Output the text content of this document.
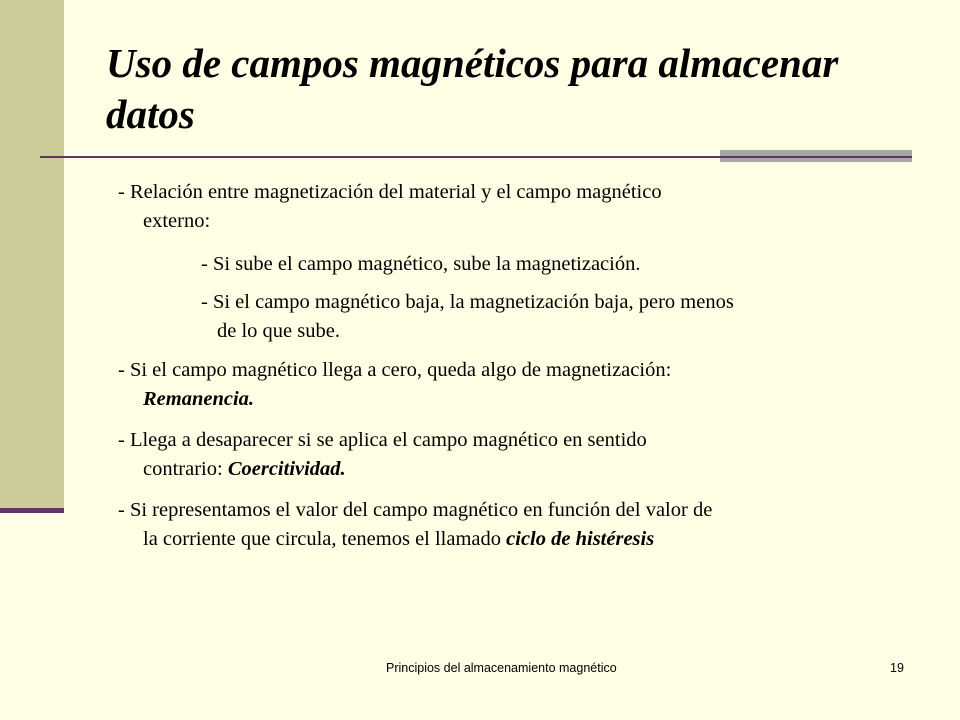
Uso de campos magnéticos para almacenar datos
- Relación entre magnetización del material y el campo magnético
externo:
- Si sube el campo magnético, sube la magnetización.
- Si el campo magnético baja, la magnetización baja, pero menos
de lo que sube.
- Si el campo magnético llega a cero, queda algo de magnetización:
Remanencia.
- Llega a desaparecer si se aplica el campo magnético en sentido
contrario: Coercitividad.
- Si representamos el valor del campo magnético en función del valor de
la corriente que circula, tenemos el llamado ciclo de histéresis
Principios del almacenamiento magnético	19
